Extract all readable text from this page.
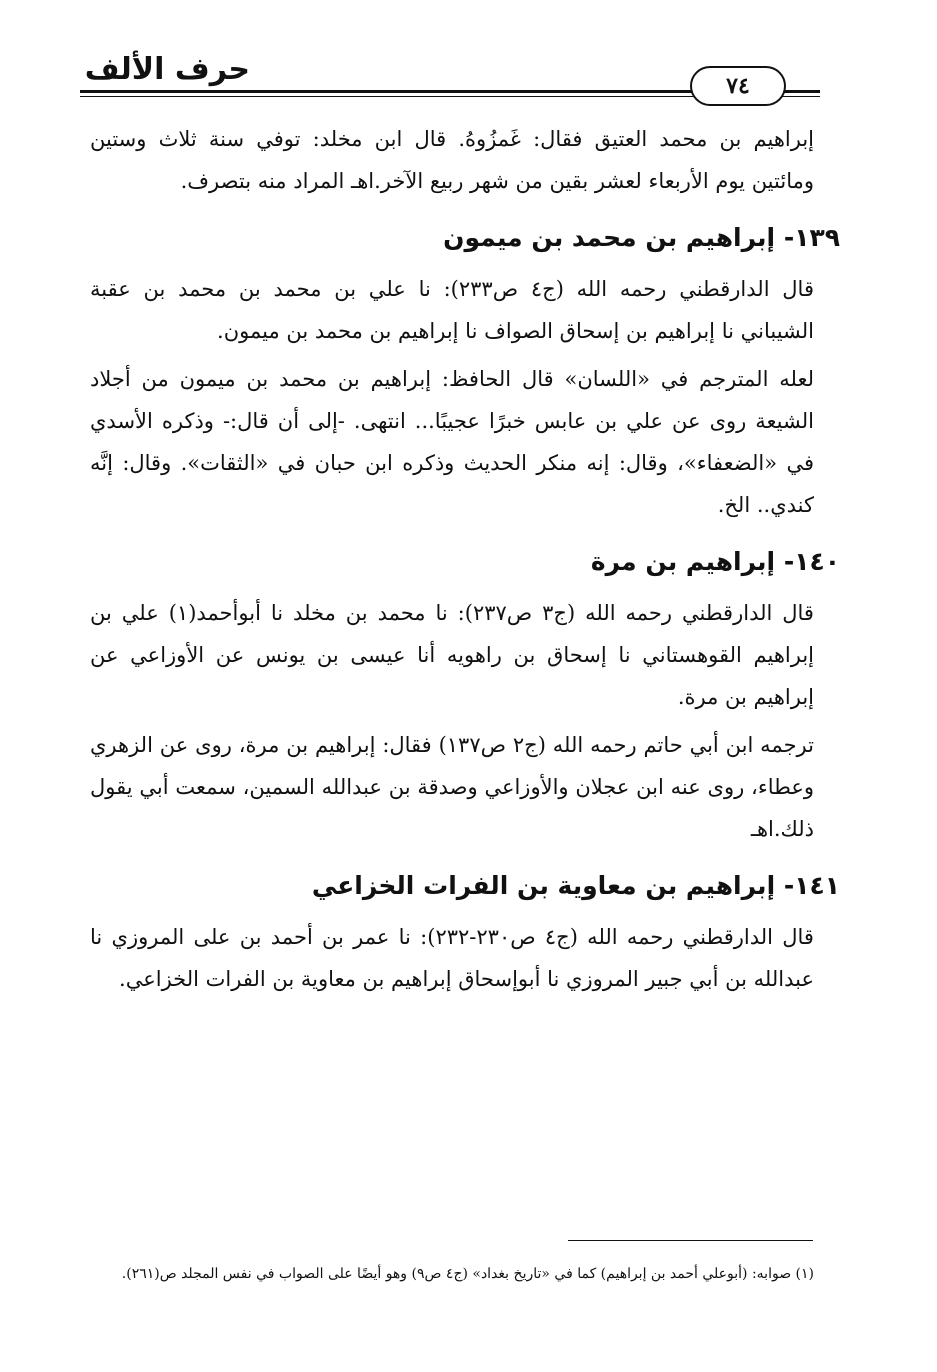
حرف الألف	٧٤
إبراهيم بن محمد العتيق فقال: غَمزُوهُ. قال ابن مخلد: توفي سنة ثلاث وستين ومائتين يوم الأربعاء لعشر بقين من شهر ربيع الآخر.اهـ المراد منه بتصرف.
١٣٩- إبراهيم بن محمد بن ميمون
قال الدارقطني رحمه الله (ج٤ ص٢٣٣): نا علي بن محمد بن محمد بن عقبة الشيباني نا إبراهيم بن إسحاق الصواف نا إبراهيم بن محمد بن ميمون.
لعله المترجم في «اللسان» قال الحافظ: إبراهيم بن محمد بن ميمون من أجلاد الشيعة روى عن علي بن عابس خبرًا عجيبًا... انتهى. -إلى أن قال:- وذكره الأسدي في «الضعفاء»، وقال: إنه منكر الحديث وذكره ابن حبان في «الثقات». وقال: إنَّه كندي.. الخ.
١٤٠- إبراهيم بن مرة
قال الدارقطني رحمه الله (ج٣ ص٢٣٧): نا محمد بن مخلد نا أبوأحمد(١) علي بن إبراهيم القوهستاني نا إسحاق بن راهويه أنا عيسى بن يونس عن الأوزاعي عن إبراهيم بن مرة.
ترجمه ابن أبي حاتم رحمه الله (ج٢ ص١٣٧) فقال: إبراهيم بن مرة، روى عن الزهري وعطاء، روى عنه ابن عجلان والأوزاعي وصدقة بن عبدالله السمين، سمعت أبي يقول ذلك.اهـ
١٤١- إبراهيم بن معاوية بن الفرات الخزاعي
قال الدارقطني رحمه الله (ج٤ ص٢٣٠-٢٣٢): نا عمر بن أحمد بن على المروزي نا عبدالله بن أبي جبير المروزي نا أبوإسحاق إبراهيم بن معاوية بن الفرات الخزاعي.
(١) صوابه: (أبوعلي أحمد بن إبراهيم) كما في «تاريخ بغداد» (ج٤ ص٩) وهو أيضًا على الصواب في نفس المجلد ص(٢٦١).
